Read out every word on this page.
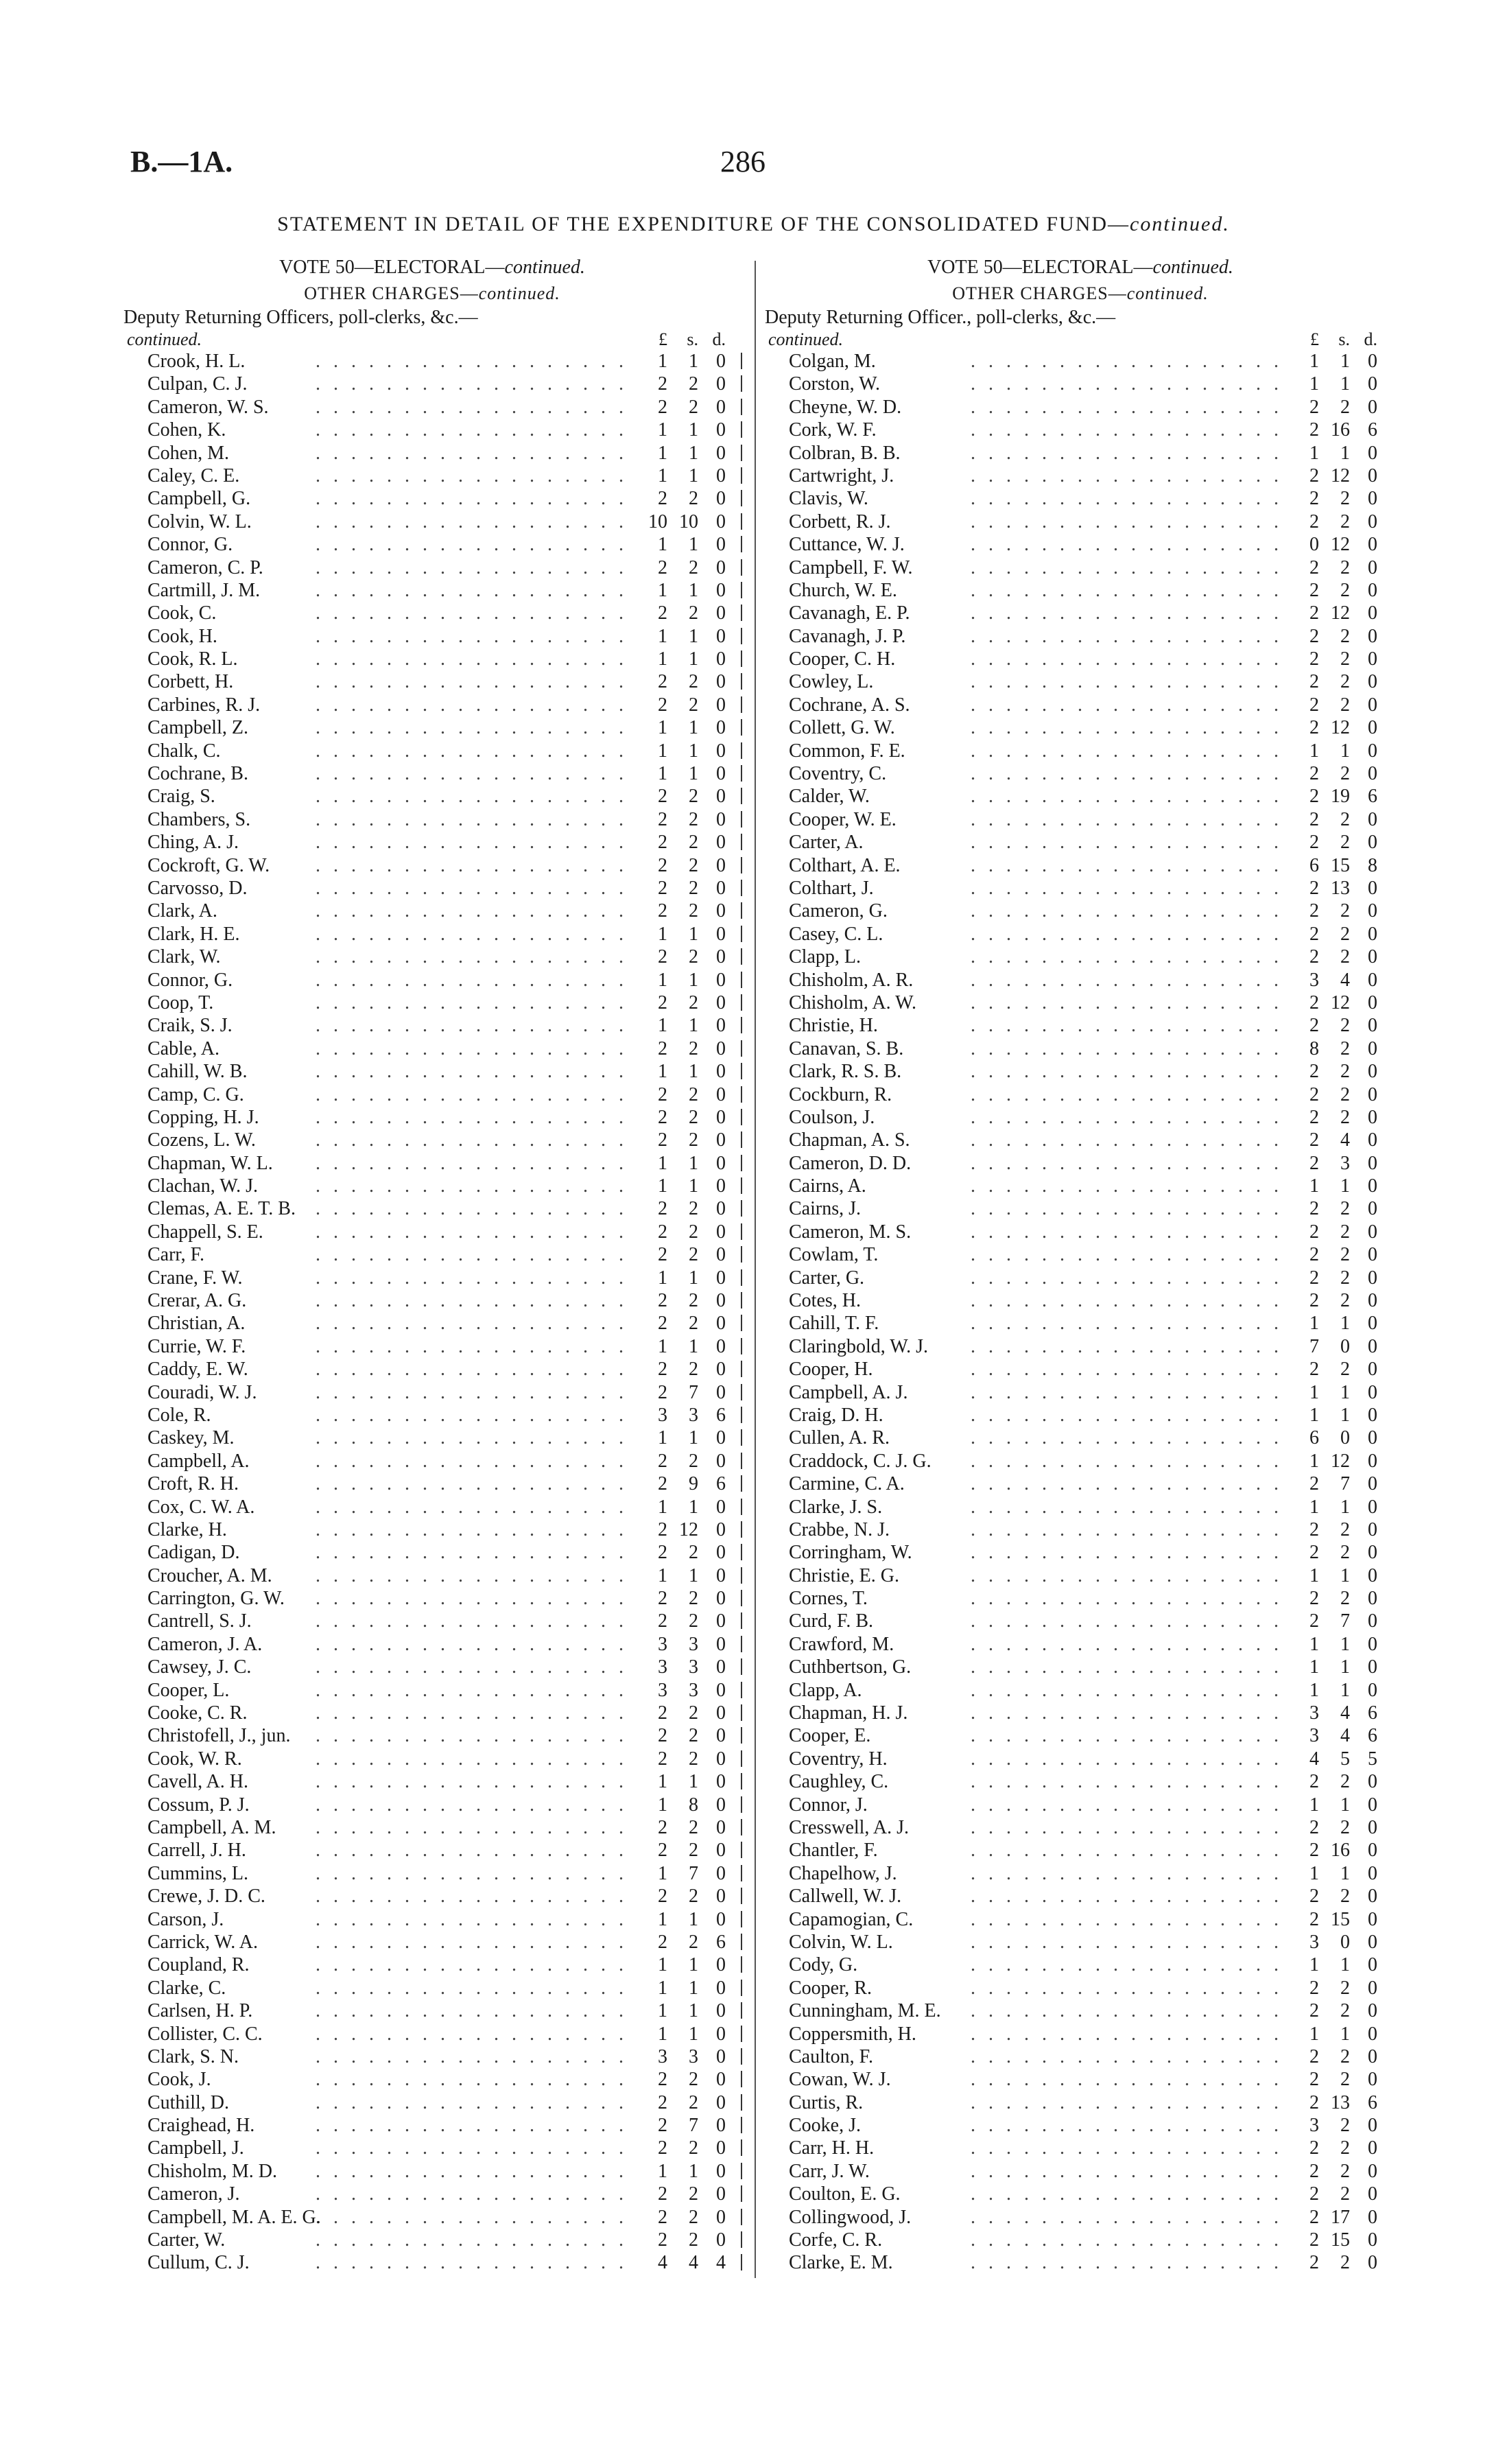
B.—1A.	286
STATEMENT IN DETAIL OF THE EXPENDITURE OF THE CONSOLIDATED FUND—continued.
VOTE 50—ELECTORAL—continued.
OTHER CHARGES—continued.
Deputy Returning Officers, poll-clerks, &c.—
continued.	£	s. d.
. . . . . . . . . . . . . . . . . .
Crook, H. L.	1	1 0
. . . . . . . . . . . . . . . . . .
Culpan, C. J.	2	2 0
. . . . . . . . . . . . . . . . . .
Cameron, W. S.	2	2 0
. . . . . . . . . . . . . . . . . .
Cohen, K.	1	1 0
. . . . . . . . . . . . . . . . . .
Cohen, M.	1	1 0
. . . . . . . . . . . . . . . . . .
Caley, C. E.	1	1 0
. . . . . . . . . . . . . . . . . .
Campbell, G.	2	2 0
. . . . . . . . . . . . . . . . . .
Colvin, W. L.	10 10 0
. . . . . . . . . . . . . . . . . .
Connor, G.	1	1 0
. . . . . . . . . . . . . . . . . .
Cameron, C. P.	2	2 0
. . . . . . . . . . . . . . . . . .
Cartmill, J. M.	1	1 0
. . . . . . . . . . . . . . . . . .
Cook, C.	2	2 0
. . . . . . . . . . . . . . . . . .
Cook, H.	1	1 0
. . . . . . . . . . . . . . . . . .
Cook, R. L.	1	1 0
. . . . . . . . . . . . . . . . . .
Corbett, H.	2	2 0
. . . . . . . . . . . . . . . . . .
Carbines, R. J.	2	2 0
. . . . . . . . . . . . . . . . . .
Campbell, Z.	1	1 0
. . . . . . . . . . . . . . . . . .
Chalk, C.	1	1 0
. . . . . . . . . . . . . . . . . .
Cochrane, B.	1	1 0
. . . . . . . . . . . . . . . . . .
Craig, S.	2	2 0
. . . . . . . . . . . . . . . . . .
Chambers, S.	2	2 0
. . . . . . . . . . . . . . . . . .
Ching, A. J.	2	2 0
. . . . . . . . . . . . . . . . . .
Cockroft, G. W.	2	2 0
. . . . . . . . . . . . . . . . . .
Carvosso, D.	2	2 0
. . . . . . . . . . . . . . . . . .
Clark, A.	2	2 0
. . . . . . . . . . . . . . . . . .
Clark, H. E.	1	1 0
. . . . . . . . . . . . . . . . . .
Clark, W.	2	2 0
. . . . . . . . . . . . . . . . . .
Connor, G.	1	1 0
. . . . . . . . . . . . . . . . . .
Coop, T.	2	2 0
. . . . . . . . . . . . . . . . . .
Craik, S. J.	1	1 0
. . . . . . . . . . . . . . . . . .
Cable, A.	2	2 0
. . . . . . . . . . . . . . . . . .
Cahill, W. B.	1	1 0
. . . . . . . . . . . . . . . . . .
Camp, C. G.	2	2 0
. . . . . . . . . . . . . . . . . .
Copping, H. J.	2	2 0
. . . . . . . . . . . . . . . . . .
Cozens, L. W.	2	2 0
. . . . . . . . . . . . . . . . . .
Chapman, W. L.	1	1 0
. . . . . . . . . . . . . . . . . .
Clachan, W. J.	1	1 0
. . . . . . . . . . . . . . . . . .
Clemas, A. E. T. B.	2	2 0
. . . . . . . . . . . . . . . . . .
Chappell, S. E.	2	2 0
. . . . . . . . . . . . . . . . . .
Carr, F.	2	2 0
. . . . . . . . . . . . . . . . . .
Crane, F. W.	1	1 0
. . . . . . . . . . . . . . . . . .
Crerar, A. G.	2	2 0
. . . . . . . . . . . . . . . . . .
Christian, A.	2	2 0
. . . . . . . . . . . . . . . . . .
Currie, W. F.	1	1 0
. . . . . . . . . . . . . . . . . .
Caddy, E. W.	2	2 0
. . . . . . . . . . . . . . . . . .
Couradi, W. J.	2	7 0
. . . . . . . . . . . . . . . . . .
Cole, R.	3	3 6
. . . . . . . . . . . . . . . . . .
Caskey, M.	1	1 0
. . . . . . . . . . . . . . . . . .
Campbell, A.	2	2 0
. . . . . . . . . . . . . . . . . .
Croft, R. H.	2	9 6
. . . . . . . . . . . . . . . . . .
Cox, C. W. A.	1	1 0
. . . . . . . . . . . . . . . . . .
Clarke, H.	2 12 0
. . . . . . . . . . . . . . . . . .
Cadigan, D.	2	2 0
. . . . . . . . . . . . . . . . . .
Croucher, A. M.	1	1 0
. . . . . . . . . . . . . . . . . .
Carrington, G. W.	2	2 0
. . . . . . . . . . . . . . . . . .
Cantrell, S. J.	2	2 0
. . . . . . . . . . . . . . . . . .
Cameron, J. A.	3	3 0
. . . . . . . . . . . . . . . . . .
Cawsey, J. C.	3	3 0
. . . . . . . . . . . . . . . . . .
Cooper, L.	3	3 0
. . . . . . . . . . . . . . . . . .
Cooke, C. R.	2	2 0
. . . . . . . . . . . . . . . . . .
Christofell, J., jun.	2	2 0
. . . . . . . . . . . . . . . . . .
Cook, W. R.	2	2 0
. . . . . . . . . . . . . . . . . .
Cavell, A. H.	1	1 0
. . . . . . . . . . . . . . . . . .
Cossum, P. J.	1	8 0
. . . . . . . . . . . . . . . . . .
Campbell, A. M.	2	2 0
. . . . . . . . . . . . . . . . . .
Carrell, J. H.	2	2 0
. . . . . . . . . . . . . . . . . .
Cummins, L.	1	7 0
. . . . . . . . . . . . . . . . . .
Crewe, J. D. C.	2	2 0
. . . . . . . . . . . . . . . . . .
Carson, J.	1	1 0
. . . . . . . . . . . . . . . . . .
Carrick, W. A.	2	2 6
. . . . . . . . . . . . . . . . . .
Coupland, R.	1	1 0
. . . . . . . . . . . . . . . . . .
Clarke, C.	1	1 0
. . . . . . . . . . . . . . . . . .
Carlsen, H. P.	1	1 0
. . . . . . . . . . . . . . . . . .
Collister, C. C.	1	1 0
. . . . . . . . . . . . . . . . . .
Clark, S. N.	3	3 0
. . . . . . . . . . . . . . . . . .
Cook, J.	2	2 0
. . . . . . . . . . . . . . . . . .
Cuthill, D.	2	2 0
. . . . . . . . . . . . . . . . . .
Craighead, H.	2	7 0
. . . . . . . . . . . . . . . . . .
Campbell, J.	2	2 0
. . . . . . . . . . . . . . . . . .
Chisholm, M. D.	1	1 0
. . . . . . . . . . . . . . . . . .
Cameron, J.	2	2 0
. . . . . . . . . . . . . . . . . .
Campbell, M. A. E. G.	2	2 0
. . . . . . . . . . . . . . . . . .
Carter, W.	2	2 0
. . . . . . . . . . . . . . . . . .
Cullum, C. J.	4	4 4
VOTE 50—ELECTORAL—continued.
OTHER CHARGES—continued.
Deputy Returning Officer., poll-clerks, &c.—
continued.	£	s. d.
. . . . . . . . . . . . . . . . . .
Colgan, M.	1	1 0
. . . . . . . . . . . . . . . . . .
Corston, W.	1	1 0
. . . . . . . . . . . . . . . . . .
Cheyne, W. D.	2	2 0
. . . . . . . . . . . . . . . . . .
Cork, W. F.	2 16 6
. . . . . . . . . . . . . . . . . .
Colbran, B. B.	1	1 0
. . . . . . . . . . . . . . . . . .
Cartwright, J.	2 12 0
. . . . . . . . . . . . . . . . . .
Clavis, W.	2	2 0
. . . . . . . . . . . . . . . . . .
Corbett, R. J.	2	2 0
. . . . . . . . . . . . . . . . . .
Cuttance, W. J.	0 12 0
. . . . . . . . . . . . . . . . . .
Campbell, F. W.	2	2 0
. . . . . . . . . . . . . . . . . .
Church, W. E.	2	2 0
. . . . . . . . . . . . . . . . . .
Cavanagh, E. P.	2 12 0
. . . . . . . . . . . . . . . . . .
Cavanagh, J. P.	2	2 0
. . . . . . . . . . . . . . . . . .
Cooper, C. H.	2	2 0
. . . . . . . . . . . . . . . . . .
Cowley, L.	2	2 0
. . . . . . . . . . . . . . . . . .
Cochrane, A. S.	2	2 0
. . . . . . . . . . . . . . . . . .
Collett, G. W.	2 12 0
. . . . . . . . . . . . . . . . . .
Common, F. E.	1	1 0
. . . . . . . . . . . . . . . . . .
Coventry, C.	2	2 0
. . . . . . . . . . . . . . . . . .
Calder, W.	2 19 6
. . . . . . . . . . . . . . . . . .
Cooper, W. E.	2	2 0
. . . . . . . . . . . . . . . . . .
Carter, A.	2	2 0
. . . . . . . . . . . . . . . . . .
Colthart, A. E.	6 15 8
. . . . . . . . . . . . . . . . . .
Colthart, J.	2 13 0
. . . . . . . . . . . . . . . . . .
Cameron, G.	2	2 0
. . . . . . . . . . . . . . . . . .
Casey, C. L.	2	2 0
. . . . . . . . . . . . . . . . . .
Clapp, L.	2	2 0
. . . . . . . . . . . . . . . . . .
Chisholm, A. R.	3	4 0
. . . . . . . . . . . . . . . . . .
Chisholm, A. W.	2 12 0
. . . . . . . . . . . . . . . . . .
Christie, H.	2	2 0
. . . . . . . . . . . . . . . . . .
Canavan, S. B.	8	2 0
. . . . . . . . . . . . . . . . . .
Clark, R. S. B.	2	2 0
. . . . . . . . . . . . . . . . . .
Cockburn, R.	2	2 0
. . . . . . . . . . . . . . . . . .
Coulson, J.	2	2 0
. . . . . . . . . . . . . . . . . .
Chapman, A. S.	2	4 0
. . . . . . . . . . . . . . . . . .
Cameron, D. D.	2	3 0
. . . . . . . . . . . . . . . . . .
Cairns, A.	1	1 0
. . . . . . . . . . . . . . . . . .
Cairns, J.	2	2 0
. . . . . . . . . . . . . . . . . .
Cameron, M. S.	2	2 0
. . . . . . . . . . . . . . . . . .
Cowlam, T.	2	2 0
. . . . . . . . . . . . . . . . . .
Carter, G.	2	2 0
. . . . . . . . . . . . . . . . . .
Cotes, H.	2	2 0
. . . . . . . . . . . . . . . . . .
Cahill, T. F.	1	1 0
. . . . . . . . . . . . . . . . . .
Claringbold, W. J.	7	0 0
. . . . . . . . . . . . . . . . . .
Cooper, H.	2	2 0
. . . . . . . . . . . . . . . . . .
Campbell, A. J.	1	1 0
. . . . . . . . . . . . . . . . . .
Craig, D. H.	1	1 0
. . . . . . . . . . . . . . . . . .
Cullen, A. R.	6	0 0
. . . . . . . . . . . . . . . . . .
Craddock, C. J. G.	1 12 0
. . . . . . . . . . . . . . . . . .
Carmine, C. A.	2	7 0
. . . . . . . . . . . . . . . . . .
Clarke, J. S.	1	1 0
. . . . . . . . . . . . . . . . . .
Crabbe, N. J.	2	2 0
. . . . . . . . . . . . . . . . . .
Corringham, W.	2	2 0
. . . . . . . . . . . . . . . . . .
Christie, E. G.	1	1 0
. . . . . . . . . . . . . . . . . .
Cornes, T.	2	2 0
. . . . . . . . . . . . . . . . . .
Curd, F. B.	2	7 0
. . . . . . . . . . . . . . . . . .
Crawford, M.	1	1 0
. . . . . . . . . . . . . . . . . .
Cuthbertson, G.	1	1 0
. . . . . . . . . . . . . . . . . .
Clapp, A.	1	1 0
. . . . . . . . . . . . . . . . . .
Chapman, H. J.	3	4 6
. . . . . . . . . . . . . . . . . .
Cooper, E.	3	4 6
. . . . . . . . . . . . . . . . . .
Coventry, H.	4	5 5
. . . . . . . . . . . . . . . . . .
Caughley, C.	2	2 0
. . . . . . . . . . . . . . . . . .
Connor, J.	1	1 0
. . . . . . . . . . . . . . . . . .
Cresswell, A. J.	2	2 0
. . . . . . . . . . . . . . . . . .
Chantler, F.	2 16 0
. . . . . . . . . . . . . . . . . .
Chapelhow, J.	1	1 0
. . . . . . . . . . . . . . . . . .
Callwell, W. J.	2	2 0
. . . . . . . . . . . . . . . . . .
Capamogian, C.	2 15 0
. . . . . . . . . . . . . . . . . .
Colvin, W. L.	3	0 0
. . . . . . . . . . . . . . . . . .
Cody, G.	1	1 0
. . . . . . . . . . . . . . . . . .
Cooper, R.	2	2 0
. . . . . . . . . . . . . . . . . .
Cunningham, M. E.	2	2 0
. . . . . . . . . . . . . . . . . .
Coppersmith, H.	1	1 0
. . . . . . . . . . . . . . . . . .
Caulton, F.	2	2 0
. . . . . . . . . . . . . . . . . .
Cowan, W. J.	2	2 0
. . . . . . . . . . . . . . . . . .
Curtis, R.	2 13 6
. . . . . . . . . . . . . . . . . .
Cooke, J.	3	2 0
. . . . . . . . . . . . . . . . . .
Carr, H. H.	2	2 0
. . . . . . . . . . . . . . . . . .
Carr, J. W.	2	2 0
. . . . . . . . . . . . . . . . . .
Coulton, E. G.	2	2 0
. . . . . . . . . . . . . . . . . .
Collingwood, J.	2 17 0
. . . . . . . . . . . . . . . . . .
Corfe, C. R.	2 15 0
. . . . . . . . . . . . . . . . . .
Clarke, E. M.	2	2 0
